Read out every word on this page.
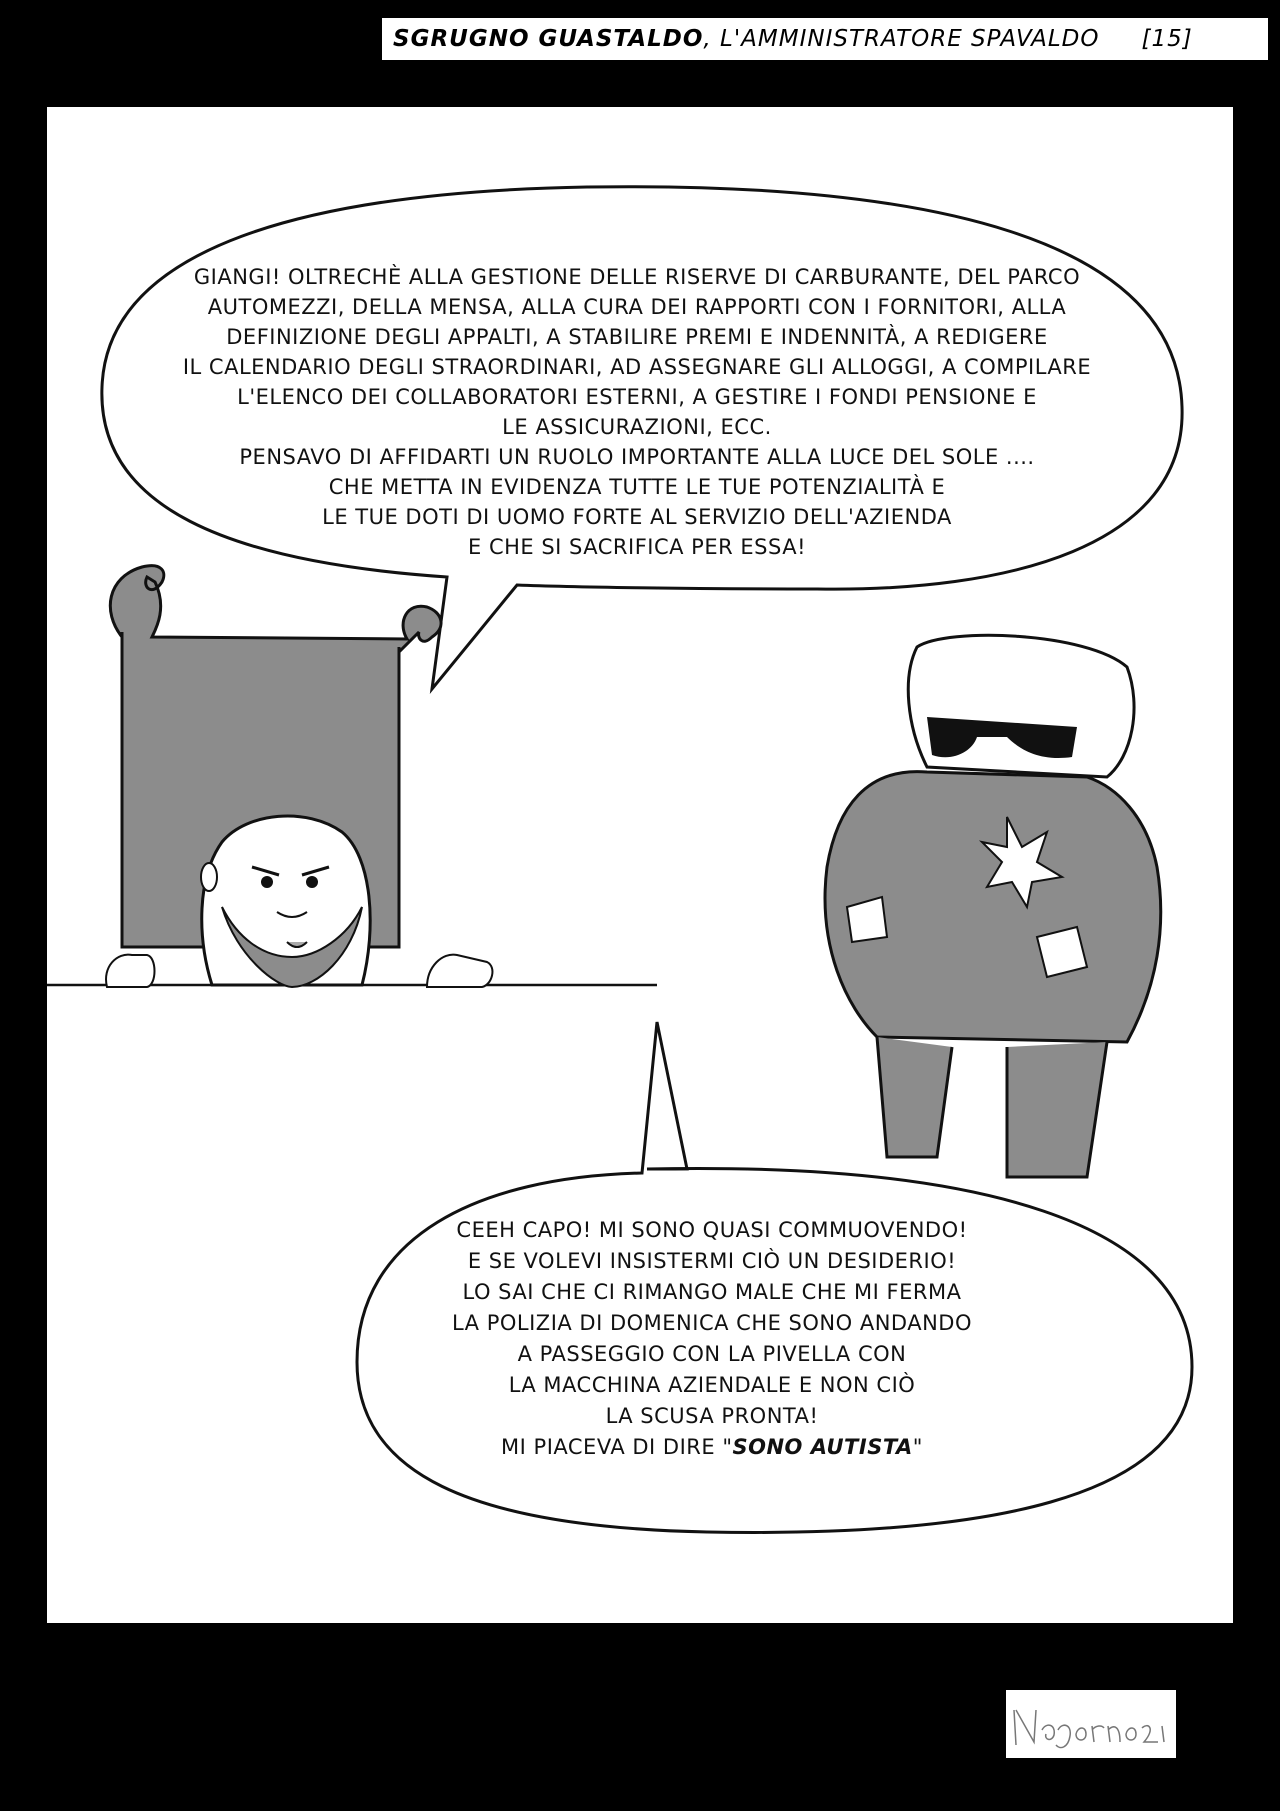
SGRUGNO GUASTALDO , L'AMMINISTRATORE SPAVALDO [15]
GIANGI! OLTRECHÈ ALLA GESTIONE DELLE RISERVE DI CARBURANTE, DEL PARCO
AUTOMEZZI, DELLA MENSA, ALLA CURA DEI RAPPORTI CON I FORNITORI, ALLA
DEFINIZIONE DEGLI APPALTI, A STABILIRE PREMI E INDENNITÀ, A REDIGERE
IL CALENDARIO DEGLI STRAORDINARI, AD ASSEGNARE GLI ALLOGGI, A COMPILARE
L'ELENCO DEI COLLABORATORI ESTERNI, A GESTIRE I FONDI PENSIONE E
LE ASSICURAZIONI, ECC.
PENSAVO DI AFFIDARTI UN RUOLO IMPORTANTE ALLA LUCE DEL SOLE ....
CHE METTA IN EVIDENZA TUTTE LE TUE POTENZIALITÀ E
LE TUE DOTI DI UOMO FORTE AL SERVIZIO DELL'AZIENDA
E CHE SI SACRIFICA PER ESSA!
CEEH CAPO! MI SONO QUASI COMMUOVENDO!
E SE VOLEVI INSISTERMI CIÒ UN DESIDERIO!
LO SAI CHE CI RIMANGO MALE CHE MI FERMA
LA POLIZIA DI DOMENICA CHE SONO ANDANDO
A PASSEGGIO CON LA PIVELLA CON
LA MACCHINA AZIENDALE E NON CIÒ
LA SCUSA PRONTA!
MI PIACEVA DI DIRE "SONO AUTISTA"
